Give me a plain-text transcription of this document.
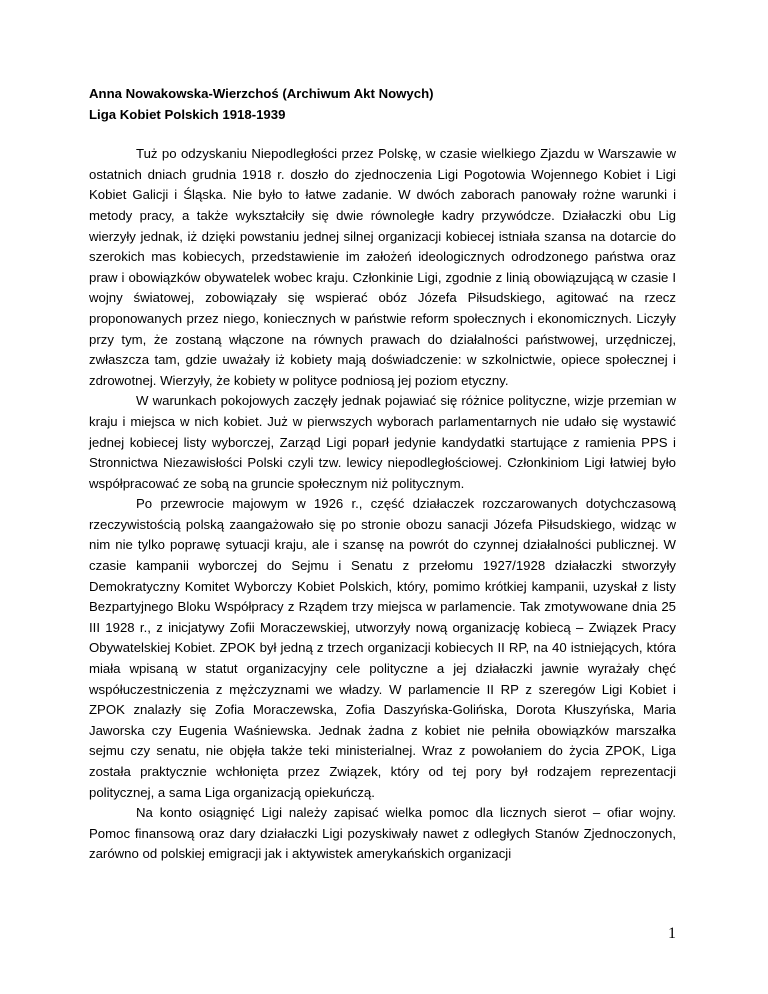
Anna Nowakowska-Wierzchoś (Archiwum Akt Nowych)

Liga Kobiet Polskich 1918-1939

Tuż po odzyskaniu Niepodległości przez Polskę, w czasie wielkiego Zjazdu w Warszawie w ostatnich dniach grudnia 1918 r. doszło do zjednoczenia Ligi Pogotowia Wojennego Kobiet i Ligi Kobiet Galicji i Śląska. Nie było to łatwe zadanie. W dwóch zaborach panowały rożne warunki i metody pracy, a także wykształciły się dwie równoległe kadry przywódcze. Działaczki obu Lig wierzyły jednak, iż dzięki powstaniu jednej silnej organizacji kobiecej istniała szansa na dotarcie do szerokich mas kobiecych, przedstawienie im założeń ideologicznych odrodzonego państwa oraz praw i obowiązków obywatelek wobec kraju. Członkinie Ligi, zgodnie z linią obowiązującą w czasie I wojny światowej, zobowiązały się wspierać obóz Józefa Piłsudskiego, agitować na rzecz proponowanych przez niego, koniecznych w państwie reform społecznych i ekonomicznych. Liczyły przy tym, że zostaną włączone na równych prawach do działalności państwowej, urzędniczej, zwłaszcza tam, gdzie uważały iż kobiety mają doświadczenie: w szkolnictwie, opiece społecznej i zdrowotnej. Wierzyły, że kobiety w polityce podniosą jej poziom etyczny.

W warunkach pokojowych zaczęły jednak pojawiać się różnice polityczne, wizje przemian w kraju i miejsca w nich kobiet. Już w pierwszych wyborach parlamentarnych nie udało się wystawić jednej kobiecej listy wyborczej, Zarząd Ligi poparł jedynie kandydatki startujące z ramienia PPS i Stronnictwa Niezawisłości Polski czyli tzw. lewicy niepodległościowej. Członkiniom Ligi łatwiej było współpracować ze sobą na gruncie społecznym niż politycznym.

Po przewrocie majowym w 1926 r., część działaczek rozczarowanych dotychczasową rzeczywistością polską zaangażowało się po stronie obozu sanacji Józefa Piłsudskiego, widząc w nim nie tylko poprawę sytuacji kraju, ale i szansę na powrót do czynnej działalności publicznej. W czasie kampanii wyborczej do Sejmu i Senatu z przełomu 1927/1928 działaczki stworzyły Demokratyczny Komitet Wyborczy Kobiet Polskich, który, pomimo krótkiej kampanii, uzyskał z listy Bezpartyjnego Bloku Współpracy z Rządem trzy miejsca w parlamencie. Tak zmotywowane dnia 25 III 1928 r., z inicjatywy Zofii Moraczewskiej, utworzyły nową organizację kobiecą – Związek Pracy Obywatelskiej Kobiet. ZPOK był jedną z trzech organizacji kobiecych II RP, na 40 istniejących, która miała wpisaną w statut organizacyjny cele polityczne a jej działaczki jawnie wyrażały chęć współuczestniczenia z mężczyznami we władzy. W parlamencie II RP z szeregów Ligi Kobiet i ZPOK znalazły się Zofia Moraczewska, Zofia Daszyńska-Golińska, Dorota Kłuszyńska, Maria Jaworska czy Eugenia Waśniewska. Jednak żadna z kobiet nie pełniła obowiązków marszałka sejmu czy senatu, nie objęła także teki ministerialnej. Wraz z powołaniem do życia ZPOK, Liga została praktycznie wchłonięta przez Związek, który od tej pory był rodzajem reprezentacji politycznej, a sama Liga organizacją opiekuńczą.

Na konto osiągnięć Ligi należy zapisać wielka pomoc dla licznych sierot – ofiar wojny. Pomoc finansową oraz dary działaczki Ligi pozyskiwały nawet z odległych Stanów Zjednoczonych, zarówno od polskiej emigracji jak i aktywistek amerykańskich organizacji

1
